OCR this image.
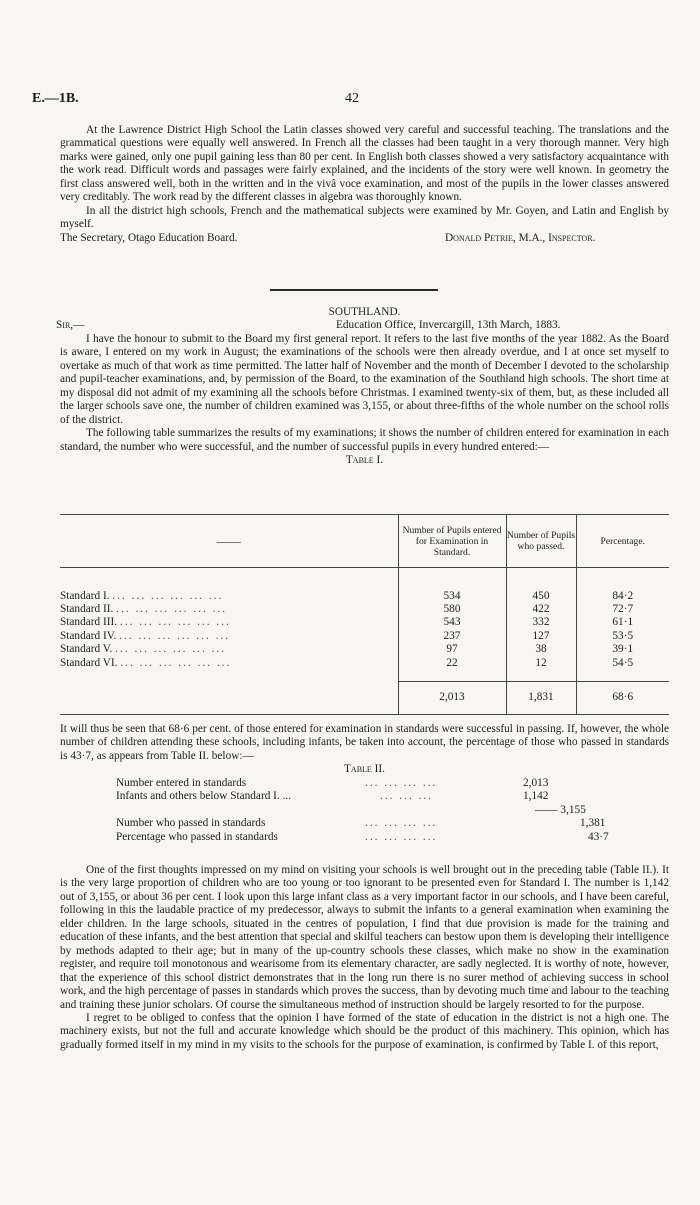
E.—1B.	42

At the Lawrence District High School the Latin classes showed very careful and successful teaching. The translations and the grammatical questions were equally well answered. In French all the classes had been taught in a very thorough manner. Very high marks were gained, only one pupil gaining less than 80 per cent. In English both classes showed a very satisfactory acquaintance with the work read. Difficult words and passages were fairly explained, and the incidents of the story were well known. In geometry the first class answered well, both in the written and in the vivâ voce examination, and most of the pupils in the lower classes answered very creditably. The work read by the different classes in algebra was thoroughly known.

In all the district high schools, French and the mathematical subjects were examined by Mr. Goyen, and Latin and English by myself.

The Secretary, Otago Education Board.	Donald Petrie, M.A., Inspector.
SOUTHLAND.
Sir,—	Education Office, Invercargill, 13th March, 1883.

I have the honour to submit to the Board my first general report. It refers to the last five months of the year 1882. As the Board is aware, I entered on my work in August; the examinations of the schools were then already overdue, and I at once set myself to overtake as much of that work as time permitted. The latter half of November and the month of December I devoted to the scholarship and pupil-teacher examinations, and, by permission of the Board, to the examination of the Southland high schools. The short time at my disposal did not admit of my examining all the schools before Christmas. I examined twenty-six of them, but, as these included all the larger schools save one, the number of children examined was 3,155, or about three-fifths of the whole number on the school rolls of the district.

The following table summarizes the results of my examinations; it shows the number of children entered for examination in each standard, the number who were successful, and the number of successful pupils in every hundred entered:—

Table I.
——	Number of Pupils entered for Examination in Standard.	Number of Pupils who passed.	Percentage.

Standard I. ... ... ... ... ... ...	534	450	84·2
Standard II. ... ... ... ... ... ...	580	422	72·7
Standard III. ... ... ... ... ... ...	543	332	61·1
Standard IV. ... ... ... ... ... ...	237	127	53·5
Standard V. ... ... ... ... ... ...	97	38	39·1
Standard VI. ... ... ... ... ... ...	22	12	54·5

	2,013	1,831	68·6

It will thus be seen that 68·6 per cent. of those entered for examination in standards were successful in passing. If, however, the whole number of children attending these schools, including infants, be taken into account, the percentage of those who passed in standards is 43·7, as appears from Table II. below:—

Table II.
Number entered in standards	... ... ... ...	2,013
Infants and others below Standard I. ...	... ... ...	1,142
—— 3,155
Number who passed in standards	... ... ... ...	1,381
Percentage who passed in standards	... ... ... ...	43·7

One of the first thoughts impressed on my mind on visiting your schools is well brought out in the preceding table (Table II.). It is the very large proportion of children who are too young or too ignorant to be presented even for Standard I. The number is 1,142 out of 3,155, or about 36 per cent. I look upon this large infant class as a very important factor in our schools, and I have been careful, following in this the laudable practice of my predecessor, always to submit the infants to a general examination when examining the elder children. In the large schools, situated in the centres of population, I find that due provision is made for the training and education of these infants, and the best attention that special and skilful teachers can bestow upon them is developing their intelligence by methods adapted to their age; but in many of the up-country schools these classes, which make no show in the examination register, and require toil monotonous and wearisome from its elementary character, are sadly neglected. It is worthy of note, however, that the experience of this school district demonstrates that in the long run there is no surer method of achieving success in school work, and the high percentage of passes in standards which proves the success, than by devoting much time and labour to the teaching and training these junior scholars. Of course the simultaneous method of instruction should be largely resorted to for the purpose.

I regret to be obliged to confess that the opinion I have formed of the state of education in the district is not a high one. The machinery exists, but not the full and accurate knowledge which should be the product of this machinery. This opinion, which has gradually formed itself in my mind in my visits to the schools for the purpose of examination, is confirmed by Table I. of this report,
